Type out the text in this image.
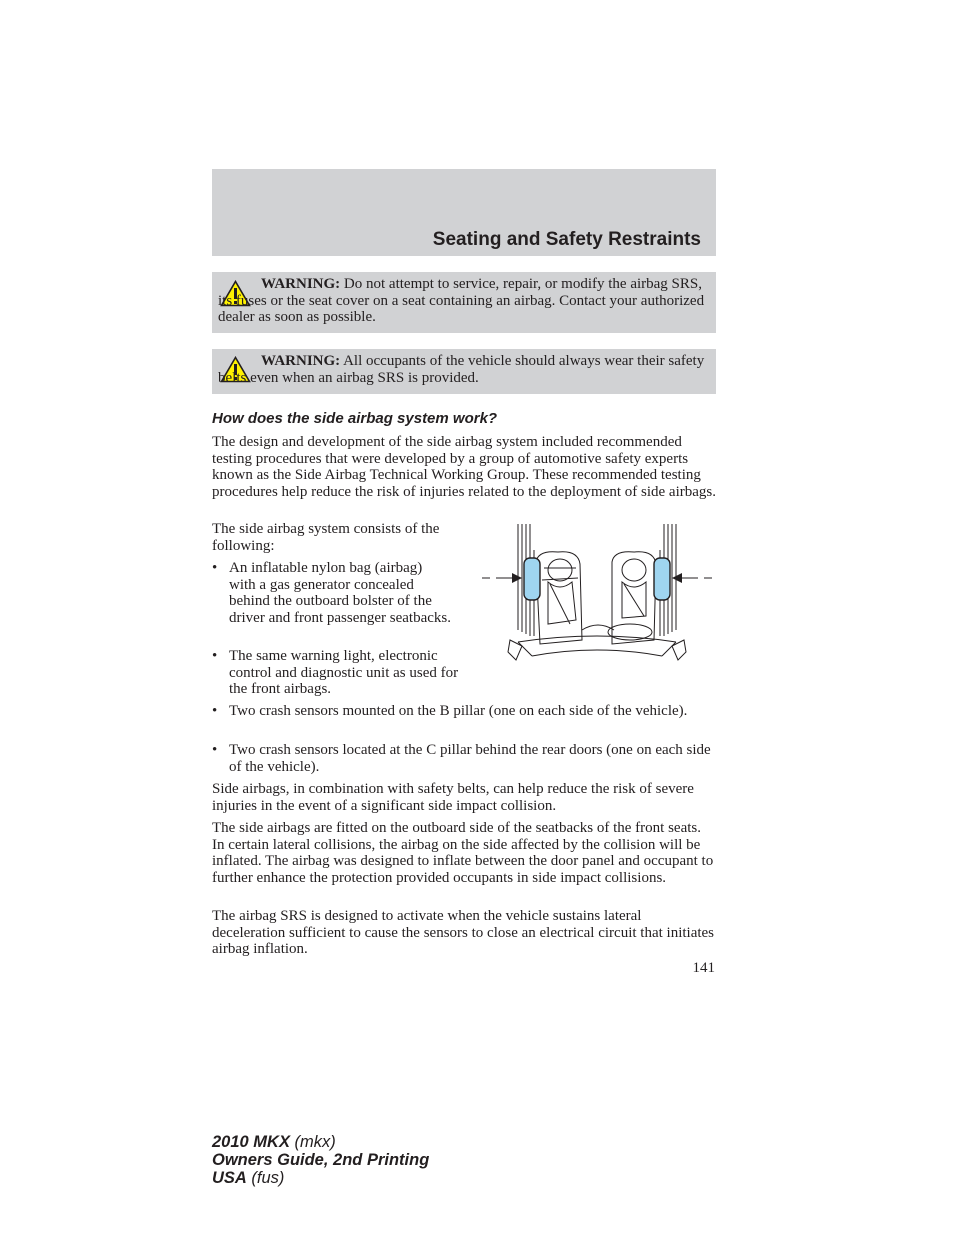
Seating and Safety Restraints
WARNING: Do not attempt to service, repair, or modify the airbag SRS, its fuses or the seat cover on a seat containing an airbag. Contact your authorized dealer as soon as possible.
WARNING: All occupants of the vehicle should always wear their safety belts even when an airbag SRS is provided.
How does the side airbag system work?

The design and development of the side airbag system included recommended testing procedures that were developed by a group of automotive safety experts known as the Side Airbag Technical Working Group. These recommended testing procedures help reduce the risk of injuries related to the deployment of side airbags.

The side airbag system consists of the following:

• An inflatable nylon bag (airbag) with a gas generator concealed behind the outboard bolster of the driver and front passenger seatbacks.
• The same warning light, electronic control and diagnostic unit as used for the front airbags.
• Two crash sensors mounted on the B pillar (one on each side of the vehicle).
• Two crash sensors located at the C pillar behind the rear doors (one on each side of the vehicle).

Side airbags, in combination with safety belts, can help reduce the risk of severe injuries in the event of a significant side impact collision.

The side airbags are fitted on the outboard side of the seatbacks of the front seats. In certain lateral collisions, the airbag on the side affected by the collision will be inflated. The airbag was designed to inflate between the door panel and occupant to further enhance the protection provided occupants in side impact collisions.

The airbag SRS is designed to activate when the vehicle sustains lateral deceleration sufficient to cause the sensors to close an electrical circuit that initiates airbag inflation.

141
2010 MKX (mkx)
Owners Guide, 2nd Printing
USA (fus)
